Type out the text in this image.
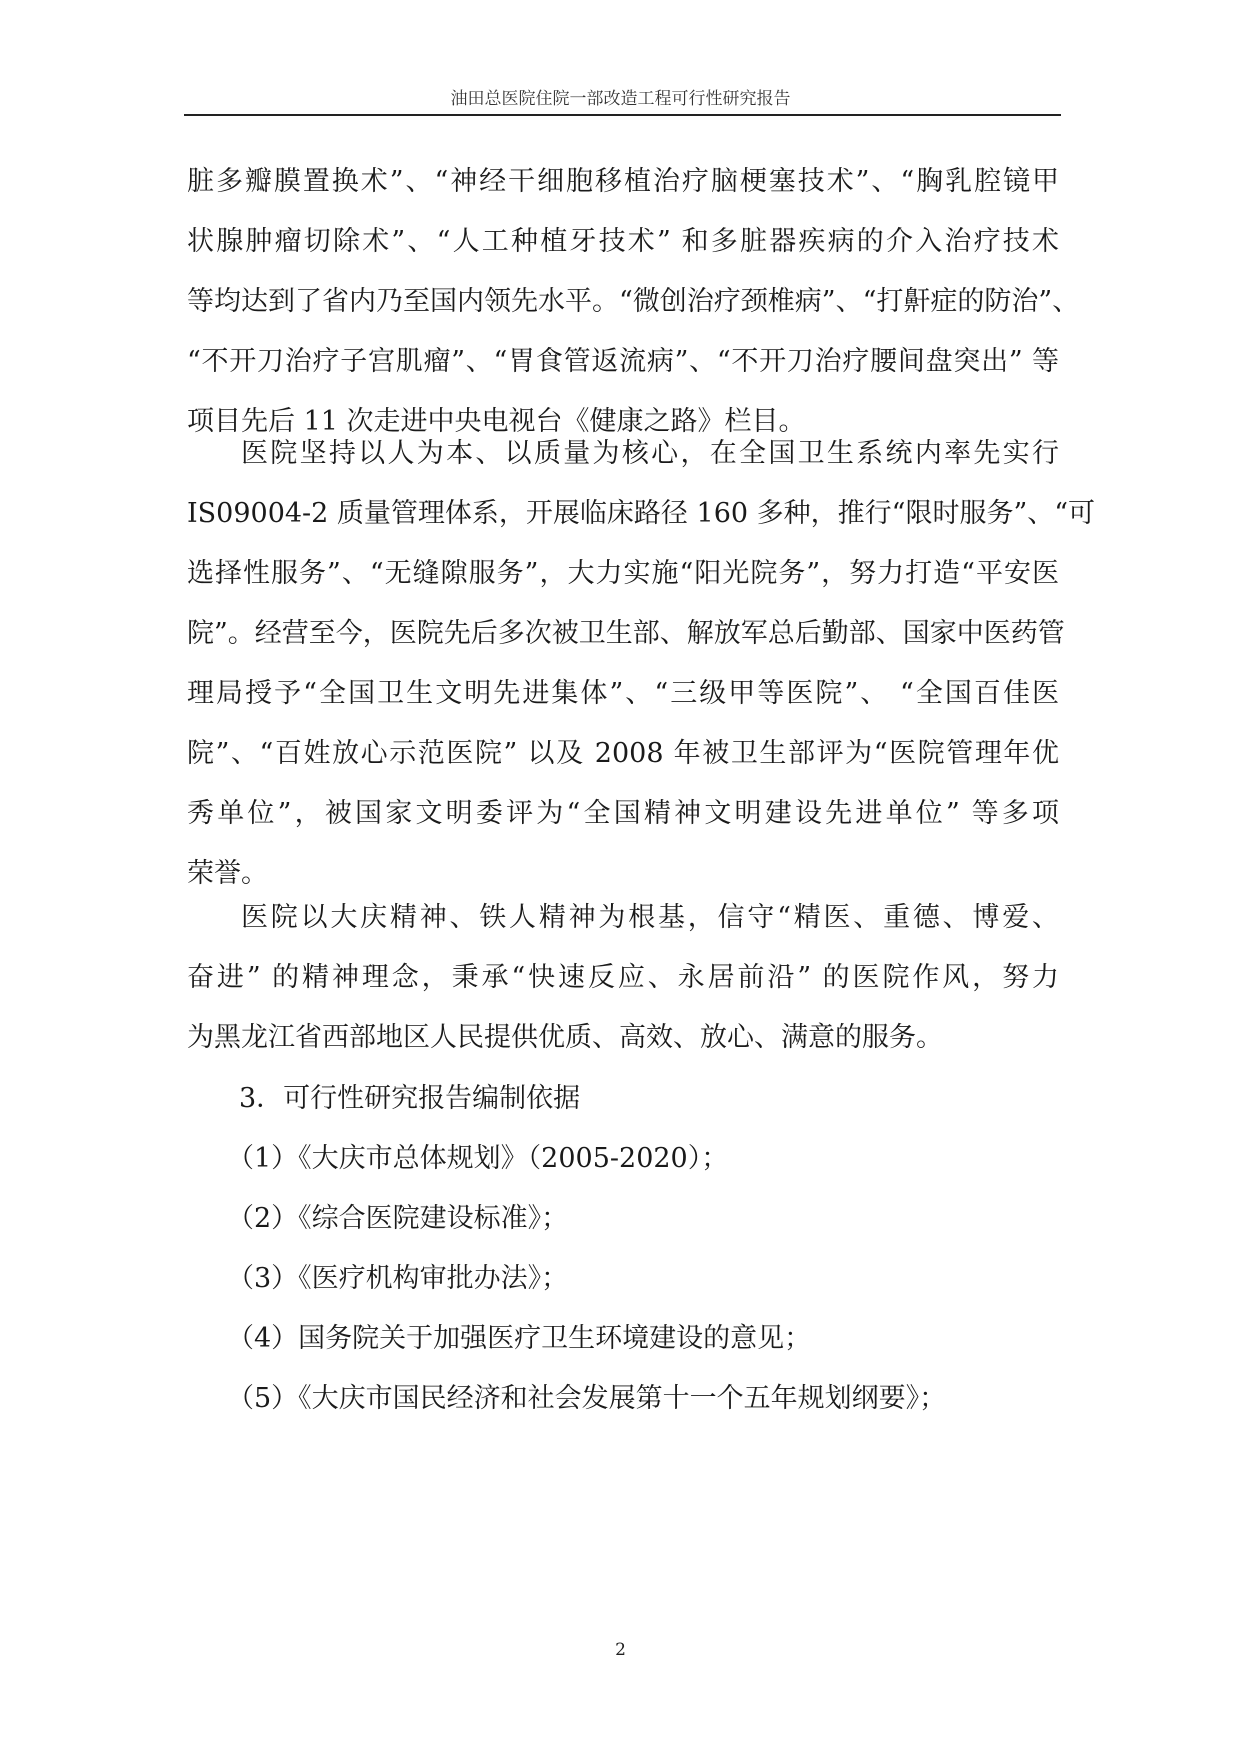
油田总医院住院一部改造工程可行性研究报告
脏多瓣膜置换术”、“神经干细胞移植治疗脑梗塞技术”、“胸乳腔镜甲
状腺肿瘤切除术”、“人工种植牙技术” 和多脏器疾病的介入治疗技术
等均达到了省内乃至国内领先水平。“微创治疗颈椎病”、“打鼾症的防治”、
“不开刀治疗子宫肌瘤”、“胃食管返流病”、“不开刀治疗腰间盘突出” 等
项目先后 11 次走进中央电视台《健康之路》栏目。
医院坚持以人为本、以质量为核心，在全国卫生系统内率先实行
IS09004-2 质量管理体系，开展临床路径 160 多种，推行“限时服务”、“可
选择性服务”、“无缝隙服务”，大力实施“阳光院务”，努力打造“平安医
院”。经营至今，医院先后多次被卫生部、解放军总后勤部、国家中医药管
理局授予“全国卫生文明先进集体”、“三级甲等医院”、 “全国百佳医
院”、“百姓放心示范医院” 以及 2008 年被卫生部评为“医院管理年优
秀单位”，被国家文明委评为“全国精神文明建设先进单位” 等多项
荣誉。
医院以大庆精神、铁人精神为根基，信守“精医、重德、博爱、
奋进” 的精神理念，秉承“快速反应、永居前沿” 的医院作风，努力
为黑龙江省西部地区人民提供优质、高效、放心、满意的服务。
3．可行性研究报告编制依据
（1）《大庆市总体规划》（2005-2020）；
（2）《综合医院建设标准》；
（3）《医疗机构审批办法》；
（4）国务院关于加强医疗卫生环境建设的意见；
（5）《大庆市国民经济和社会发展第十一个五年规划纲要》；
2
